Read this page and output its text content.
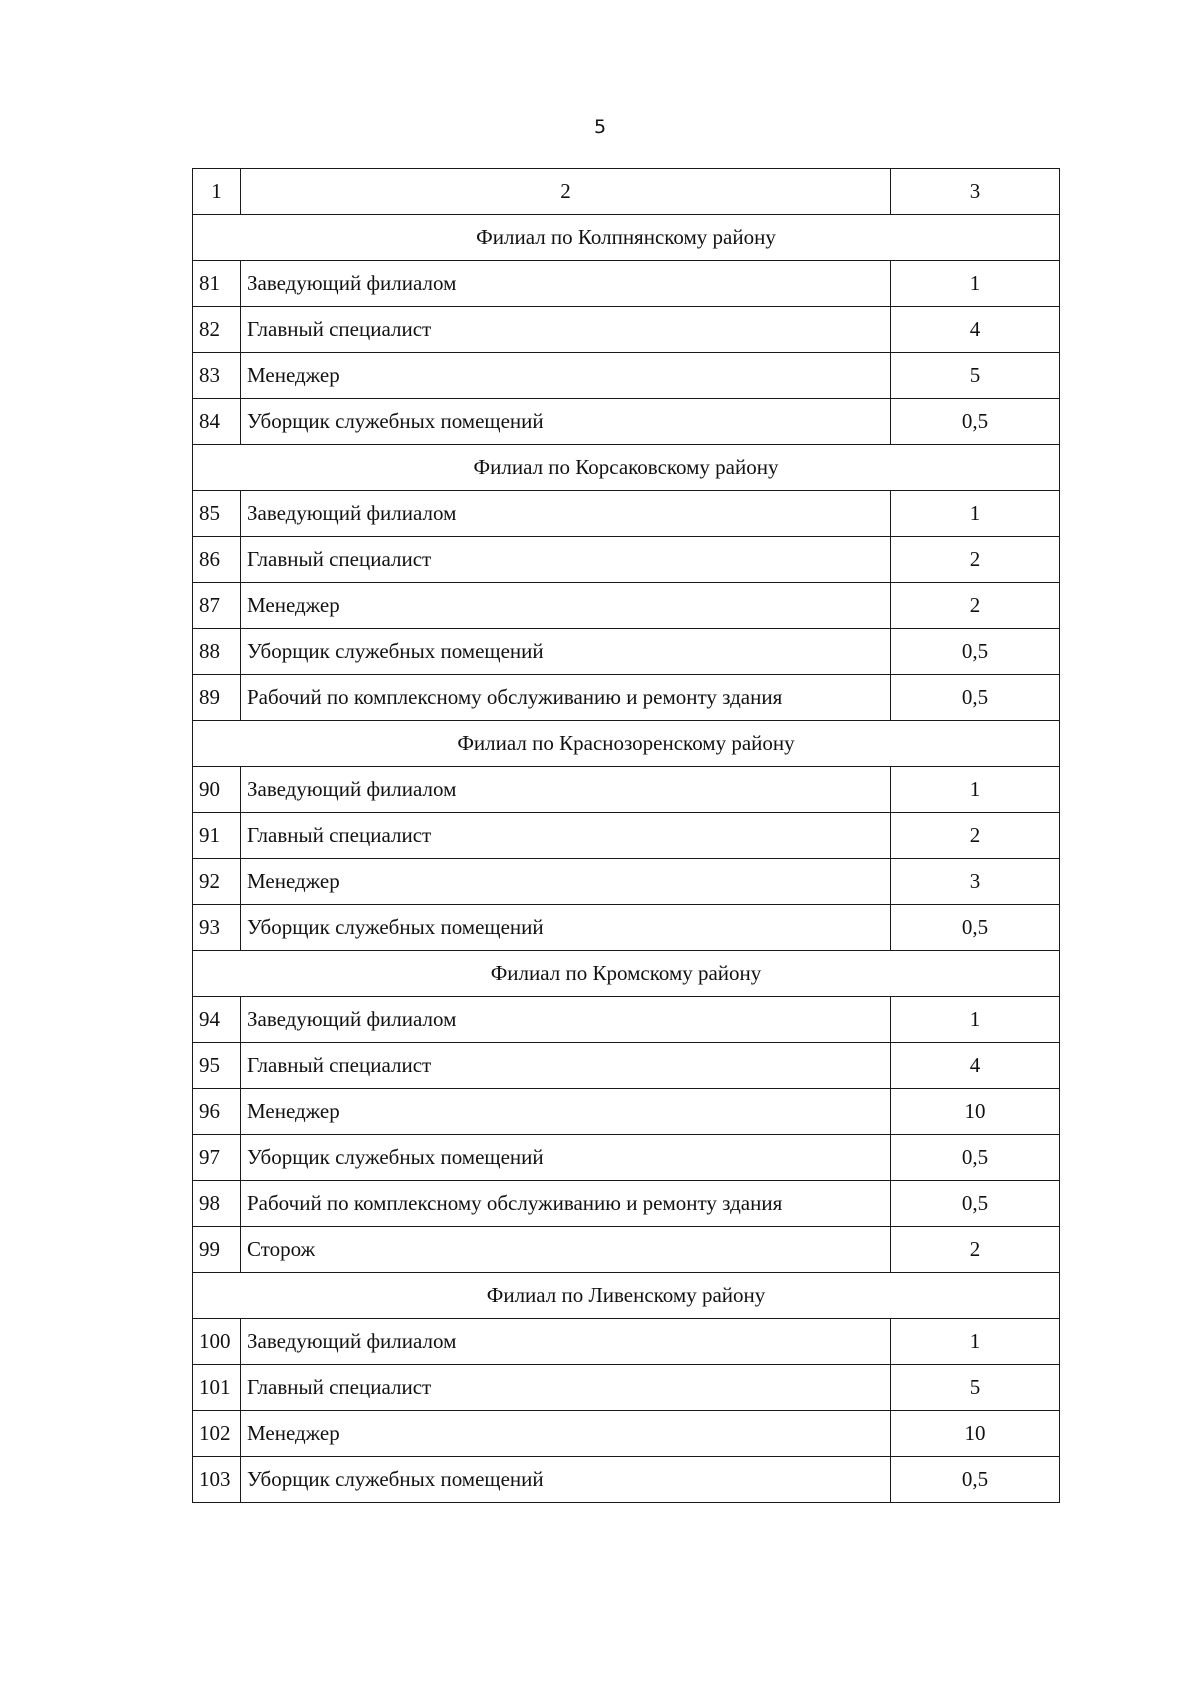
5
1	2	3
Филиал по Колпнянскому району		
81	Заведующий филиалом	1
82	Главный специалист	4
83	Менеджер	5
84	Уборщик служебных помещений	0,5
Филиал по Корсаковскому району		
85	Заведующий филиалом	1
86	Главный специалист	2
87	Менеджер	2
88	Уборщик служебных помещений	0,5
89	Рабочий по комплексному обслуживанию и ремонту здания	0,5
Филиал по Краснозоренскому району		
90	Заведующий филиалом	1
91	Главный специалист	2
92	Менеджер	3
93	Уборщик служебных помещений	0,5
Филиал по Кромскому району		
94	Заведующий филиалом	1
95	Главный специалист	4
96	Менеджер	10
97	Уборщик служебных помещений	0,5
98	Рабочий по комплексному обслуживанию и ремонту здания	0,5
99	Сторож	2
Филиал по Ливенскому району		
100	Заведующий филиалом	1
101	Главный специалист	5
102	Менеджер	10
103	Уборщик служебных помещений	0,5
